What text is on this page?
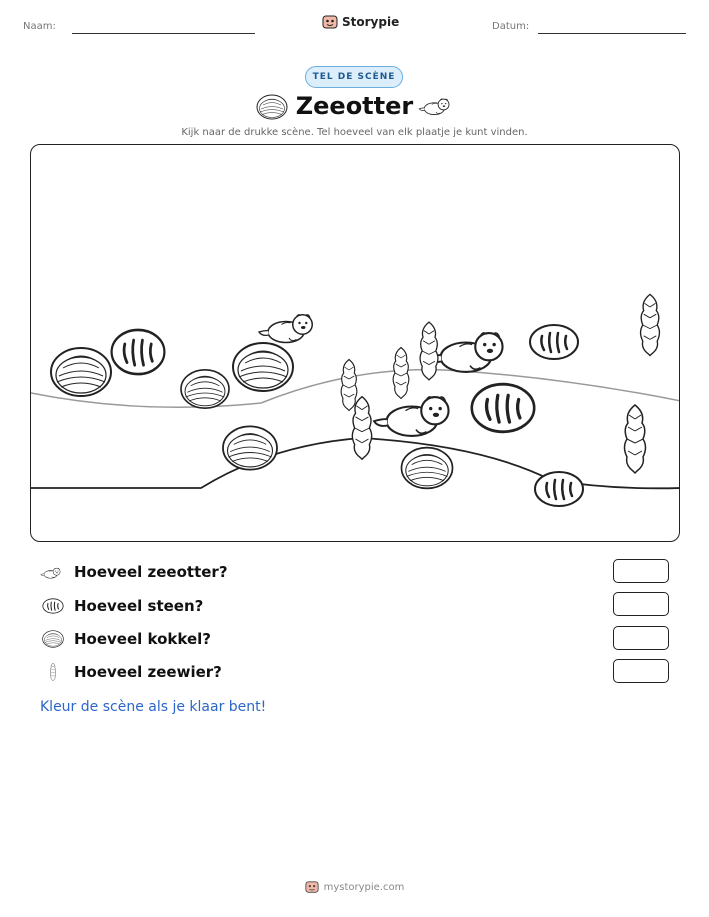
Naam:	Storypie	Datum:
TEL DE SCÈNE
Zeeotter
Kijk naar de drukke scène. Tel hoeveel van elk plaatje je kunt vinden.
Hoeveel zeeotter?
Hoeveel steen?
Hoeveel kokkel?
Hoeveel zeewier?
Kleur de scène als je klaar bent!
mystorypie.com
